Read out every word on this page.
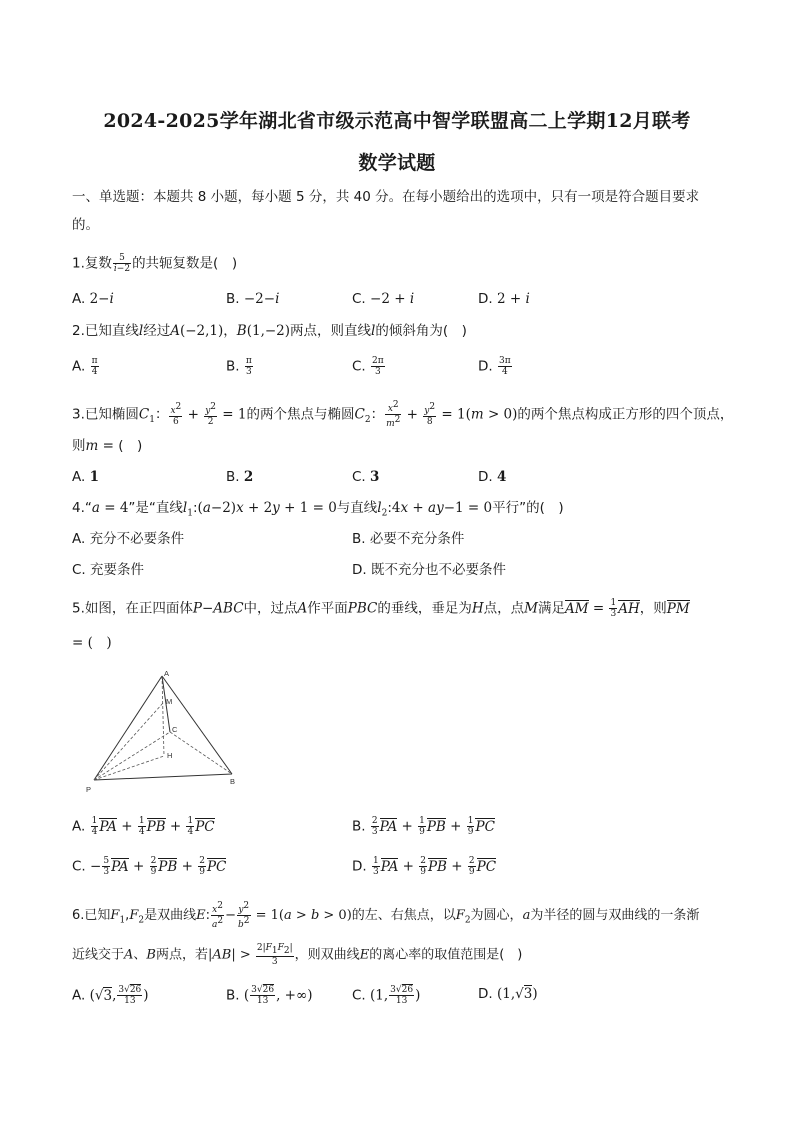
2024-2025学年湖北省市级示范高中智学联盟高二上学期12月联考
数学试题
一、单选题：本题共 8 小题，每小题 5 分，共 40 分。在每小题给出的选项中，只有一项是符合题目要求
的。
1.复数 $\frac{5}{i-2}$ 的共轭复数是(　)
A. 2−i	B. −2−i	C. −2 + i	D. 2 + i
2.已知直线l经过A(−2,1)，B(1,−2)两点，则直线l的倾斜角为(　)
A. $\frac{\pi}{4}$	B. $\frac{\pi}{3}$	C. $\frac{2\pi}{3}$	D. $\frac{3\pi}{4}$
3.已知椭圆$C_1$： $\frac{x^2}{6} + \frac{y^2}{2} = 1$的两个焦点与椭圆$C_2$： $\frac{x^2}{m^2} + \frac{y^2}{8} = 1(m > 0)$的两个焦点构成正方形的四个顶点，
则m = (　)
A. 1	B. 2	C. 3	D. 4
4.“a = 4”是“直线$l_1:(a-2)x + 2y + 1 = 0$与直线$l_2:4x + ay-1 = 0$平行”的(　)
A. 充分不必要条件	B. 必要不充分条件
C. 充要条件	D. 既不充分也不必要条件
5.如图，在正四面体P−ABC中，过点A作平面PBC的垂线，垂足为H点，点M满足AM = $\frac{1}{3}$ AH，则PM
= (　 )
A
M
C
H
P
B
A. $\frac{1}{4}$ PA + $\frac{1}{4}$ PB + $\frac{1}{4}$ PC	B. $\frac{2}{3}$ PA + $\frac{1}{9}$ PB + $\frac{1}{9}$ PC
C. − $\frac{5}{3}$ PA + $\frac{2}{9}$ PB + $\frac{2}{9}$ PC	D. $\frac{1}{3}$ PA + $\frac{2}{9}$ PB + $\frac{2}{9}$ PC
6.已知$F_1,F_2$是双曲线E: $\frac{x^2}{a^2} - \frac{y^2}{b^2} = 1(a > b > 0)$的左、右焦点，以$F_2$为圆心，a为半径的圆与双曲线的一条渐
近线交于A、B两点，若$|AB| > \frac{2|F_1F_2|}{3}$ ，则双曲线E的离心率的取值范围是(　)
A. (√3, $\frac{3√26}{13}$ )	B. ( $\frac{3√26}{13}$ , +∞)	C. (1, $\frac{3√26}{13}$ )	D. (1,√3)
